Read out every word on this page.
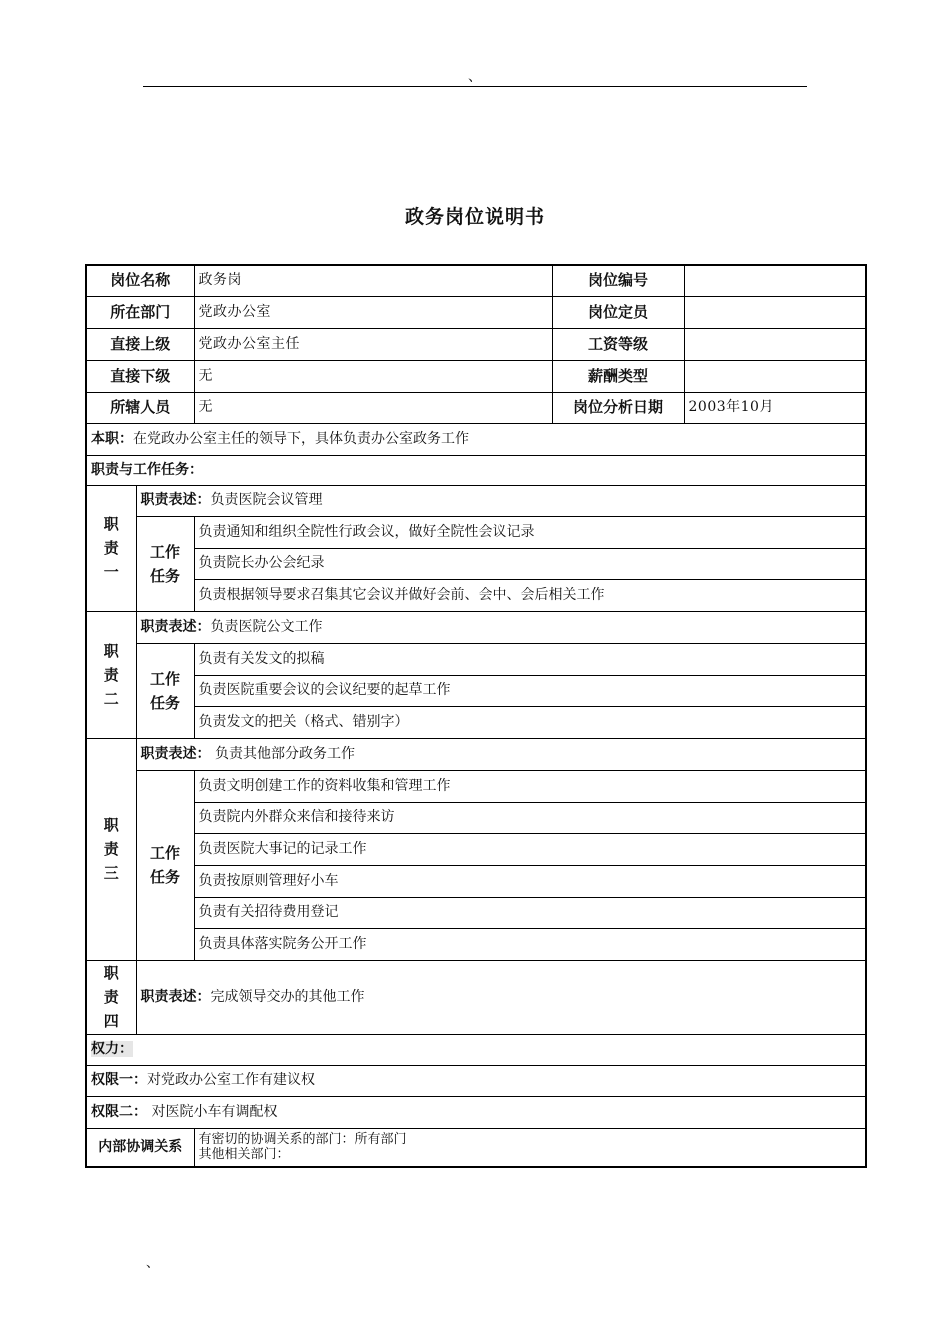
、
政务岗位说明书
岗位名称		政务岗	岗位编号	
所在部门		党政办公室	岗位定员	
直接上级		党政办公室主任	工资等级	
直接下级		无	薪酬类型	
所辖人员		无	岗位分析日期	2003年10月
本职：在党政办公室主任的领导下，具体负责办公室政务工作				
职责与工作任务：				

职
责
一	职责表述：负责医院会议管理			

	工作
任务	负责通知和组织全院性行政会议，做好全院性会议记录		
		负责院长办公会纪录		
		负责根据领导要求召集其它会议并做好会前、会中、会后相关工作		

职
责
二	职责表述：负责医院公文工作			

	工作
任务	负责有关发文的拟稿		
		负责医院重要会议的会议纪要的起草工作		
		负责发文的把关（格式、错别字）		

职
责
三	职责表述： 负责其他部分政务工作			

	工作
任务	负责文明创建工作的资料收集和管理工作		
		负责院内外群众来信和接待来访		
		负责医院大事记的记录工作		
		负责按原则管理好小车		
		负责有关招待费用登记		
		负责具体落实院务公开工作		

职
责
四	职责表述：完成领导交办的其他工作			
权力：				
权限一：对党政办公室工作有建议权				
权限二： 对医院小车有调配权				
内部协调关系		有密切的协调关系的部门：所有部门
其他相关部门：		
、
